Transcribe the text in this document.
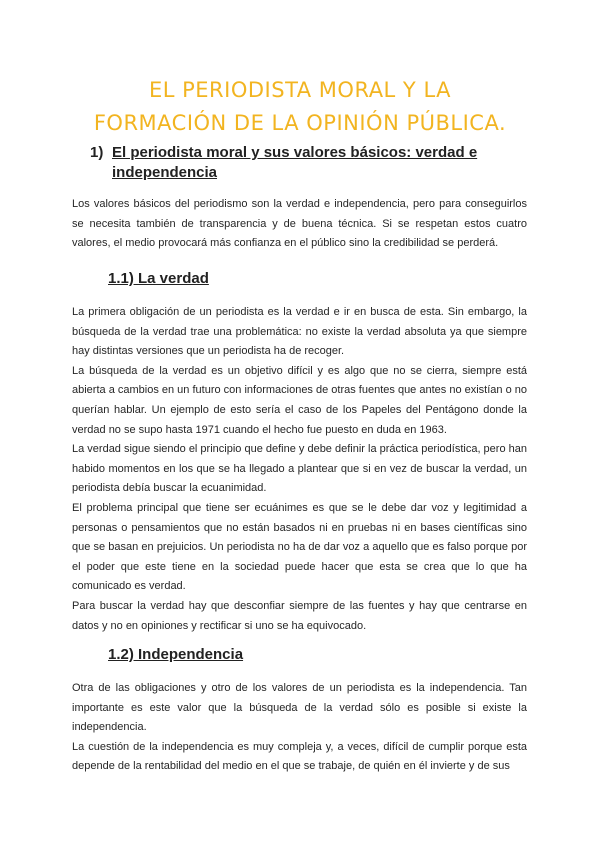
EL PERIODISTA MORAL Y LA
FORMACIÓN DE LA OPINIÓN PÚBLICA.
1) El periodista moral y sus valores básicos: verdad e independencia

Los valores básicos del periodismo son la verdad e independencia, pero para conseguirlos se necesita también de transparencia y de buena técnica. Si se respetan estos cuatro valores, el medio provocará más confianza en el público sino la credibilidad se perderá.

1.1) La verdad

La primera obligación de un periodista es la verdad e ir en busca de esta. Sin embargo, la búsqueda de la verdad trae una problemática: no existe la verdad absoluta ya que siempre hay distintas versiones que un periodista ha de recoger.

La búsqueda de la verdad es un objetivo difícil y es algo que no se cierra, siempre está abierta a cambios en un futuro con informaciones de otras fuentes que antes no existían o no querían hablar. Un ejemplo de esto sería el caso de los Papeles del Pentágono donde la verdad no se supo hasta 1971 cuando el hecho fue puesto en duda en 1963.

La verdad sigue siendo el principio que define y debe definir la práctica periodística, pero han habido momentos en los que se ha llegado a plantear que si en vez de buscar la verdad, un periodista debía buscar la ecuanimidad.

El problema principal que tiene ser ecuánimes es que se le debe dar voz y legitimidad a personas o pensamientos que no están basados ni en pruebas ni en bases científicas sino que se basan en prejuicios. Un periodista no ha de dar voz a aquello que es falso porque por el poder que este tiene en la sociedad puede hacer que esta se crea que lo que ha comunicado es verdad.

Para buscar la verdad hay que desconfiar siempre de las fuentes y hay que centrarse en datos y no en opiniones y rectificar si uno se ha equivocado.

1.2) Independencia

Otra de las obligaciones y otro de los valores de un periodista es la independencia. Tan importante es este valor que la búsqueda de la verdad sólo es posible si existe la independencia.

La cuestión de la independencia es muy compleja y, a veces, difícil de cumplir porque esta depende de la rentabilidad del medio en el que se trabaje, de quién en él invierte y de sus
